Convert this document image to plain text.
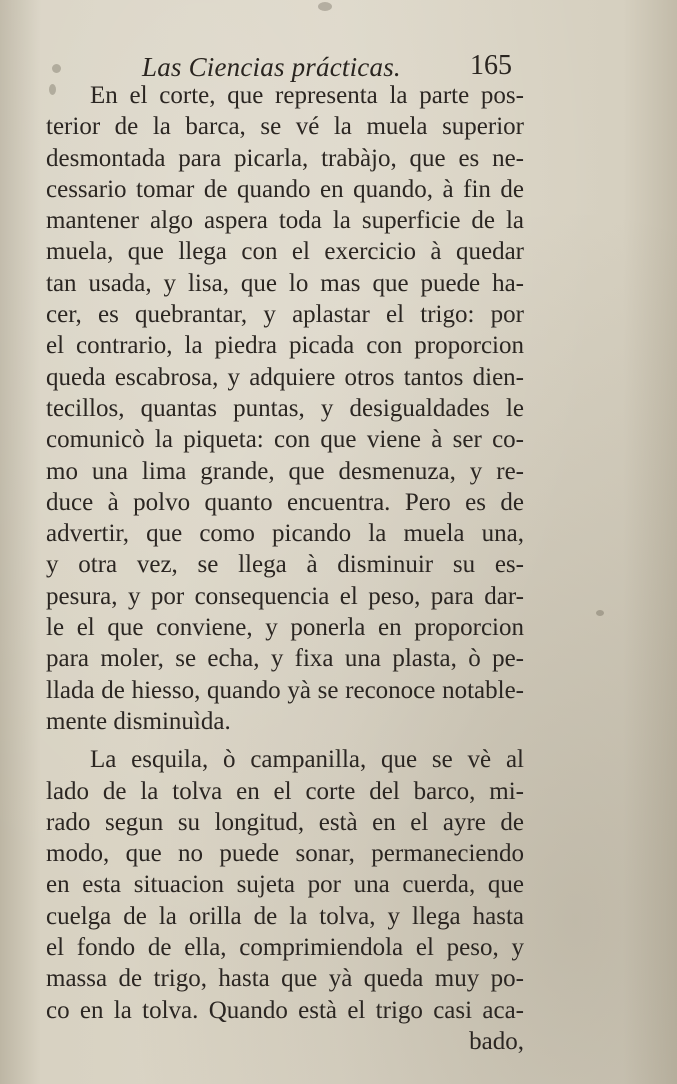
Las Ciencias prácticas. 165
En el corte, que representa la parte pos-
terior de la barca, se vé la muela superior
desmontada para picarla, trabàjo, que es ne-
cessario tomar de quando en quando, à fin de
mantener algo aspera toda la superficie de la
muela, que llega con el exercicio à quedar
tan usada, y lisa, que lo mas que puede ha-
cer, es quebrantar, y aplastar el trigo: por
el contrario, la piedra picada con proporcion
queda escabrosa, y adquiere otros tantos dien-
tecillos, quantas puntas, y desigualdades le
comunicò la piqueta: con que viene à ser co-
mo una lima grande, que desmenuza, y re-
duce à polvo quanto encuentra. Pero es de
advertir, que como picando la muela una,
y otra vez, se llega à disminuir su es-
pesura, y por consequencia el peso, para dar-
le el que conviene, y ponerla en proporcion
para moler, se echa, y fixa una plasta, ò pe-
llada de hiesso, quando yà se reconoce notable-
mente disminuìda.
La esquila, ò campanilla, que se vè al
lado de la tolva en el corte del barco, mi-
rado segun su longitud, està en el ayre de
modo, que no puede sonar, permaneciendo
en esta situacion sujeta por una cuerda, que
cuelga de la orilla de la tolva, y llega hasta
el fondo de ella, comprimiendola el peso, y
massa de trigo, hasta que yà queda muy po-
co en la tolva. Quando està el trigo casi aca-
bado,
